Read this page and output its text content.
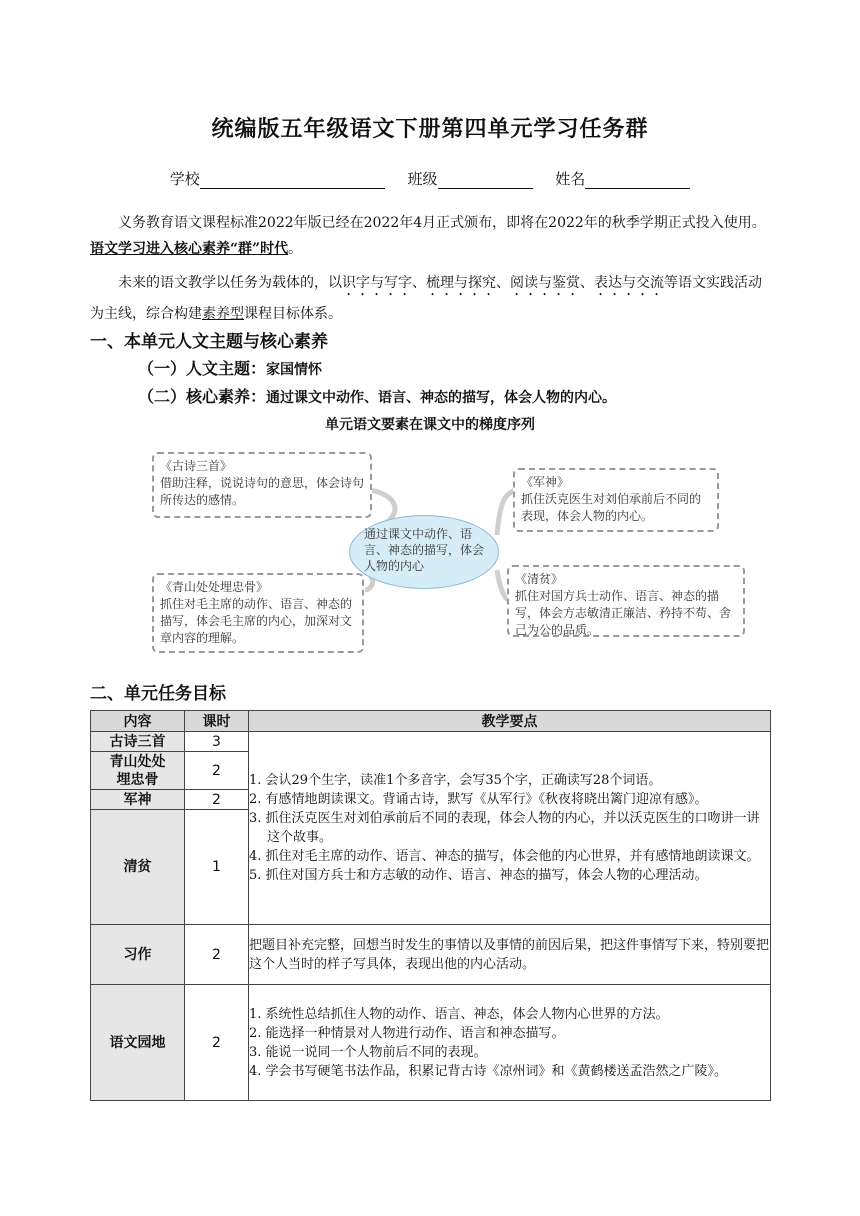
统编版五年级语文下册第四单元学习任务群
学校	班级	姓名

义务教育语文课程标准2022年版已经在2022年4月正式颁布，即将在2022年的秋季学期正式投入使用。语文学习进入核心素养“群”时代。

未来的语文教学以任务为载体的，以识字与写字、梳理与探究、阅读与鉴赏、表达与交流等语文实践活动为主线，综合构建素养型课程目标体系。

一、本单元人文主题与核心素养
（一）人文主题：家国情怀
（二）核心素养：通过课文中动作、语言、神态的描写，体会人物的内心。
单元语文要素在课文中的梯度序列
《古诗三首》
借助注释，说说诗句的意思，体会诗句所传达的感情。
《军神》
抓住沃克医生对刘伯承前后不同的表现，体会人物的内心。
《青山处处埋忠骨》
抓住对毛主席的动作、语言、神态的描写，体会毛主席的内心，加深对文章内容的理解。
《清贫》
抓住对国方兵士动作、语言、神态的描写，体会方志敏清正廉洁、矜持不苟、舍己为公的品质。
通过课文中动作、语言、神态的描写，体会人物的内心
二、单元任务目标
内容	课时	教学要点
古诗三首	3	1. 会认29个生字，读准1个多音字，会写35个字，正确读写28个词语。

2. 有感情地朗读课文。背诵古诗，默写《从军行》《秋夜将晓出篱门迎凉有感》。

3. 抓住沃克医生对刘伯承前后不同的表现，体会人物的内心，并以沃克医生的口吻讲一讲这个故事。

4. 抓住对毛主席的动作、语言、神态的描写，体会他的内心世界，并有感情地朗读课文。

5. 抓住对国方兵士和方志敏的动作、语言、神态的描写，体会人物的心理活动。

青山处处埋忠骨	2	
军神	2	
清贫	1	
习作	2	把题目补充完整，回想当时发生的事情以及事情的前因后果，把这件事情写下来，特别要把这个人当时的样子写具体，表现出他的内心活动。

语文园地	2	1. 系统性总结抓住人物的动作、语言、神态，体会人物内心世界的方法。

2. 能选择一种情景对人物进行动作、语言和神态描写。

3. 能说一说同一个人物前后不同的表现。

4. 学会书写硬笔书法作品，积累记背古诗《凉州词》和《黄鹤楼送孟浩然之广陵》。
